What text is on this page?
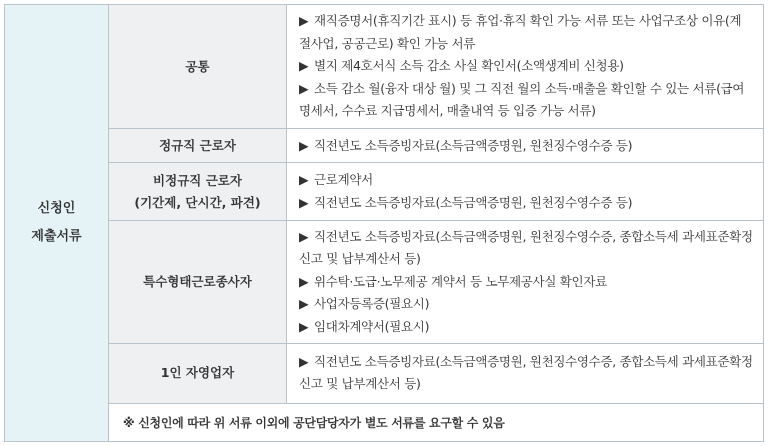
신청인
제출서류	공통	▶ 재직증명서(휴직기간 표시) 등 휴업·휴직 확인 가능 서류 또는 사업구조상 이유(계절사업, 공공근로) 확인 가능 서류
▶ 별지 제4호서식 소득 감소 사실 확인서(소액생계비 신청용)
▶ 소득 감소 월(융자 대상 월) 및 그 직전 월의 소득·매출을 확인할 수 있는 서류(급여명세서, 수수료 지급명세서, 매출내역 등 입증 가능 서류)

	정규직 근로자	▶ 직전년도 소득증빙자료(소득금액증명원, 원천징수영수증 등)

	비정규직 근로자
(기간제, 단시간, 파견)	▶ 근로계약서
▶ 직전년도 소득증빙자료(소득금액증명원, 원천징수영수증 등)

	특수형태근로종사자	▶ 직전년도 소득증빙자료(소득금액증명원, 원천징수영수증, 종합소득세 과세표준확정신고 및 납부계산서 등)
▶ 위수탁·도급·노무제공 계약서 등 노무제공사실 확인자료
▶ 사업자등록증(필요시)
▶ 임대차계약서(필요시)

	1인 자영업자	▶ 직전년도 소득증빙자료(소득금액증명원, 원천징수영수증, 종합소득세 과세표준확정신고 및 납부계산서 등)

	※ 신청인에 따라 위 서류 이외에 공단담당자가 별도 서류를 요구할 수 있음	
